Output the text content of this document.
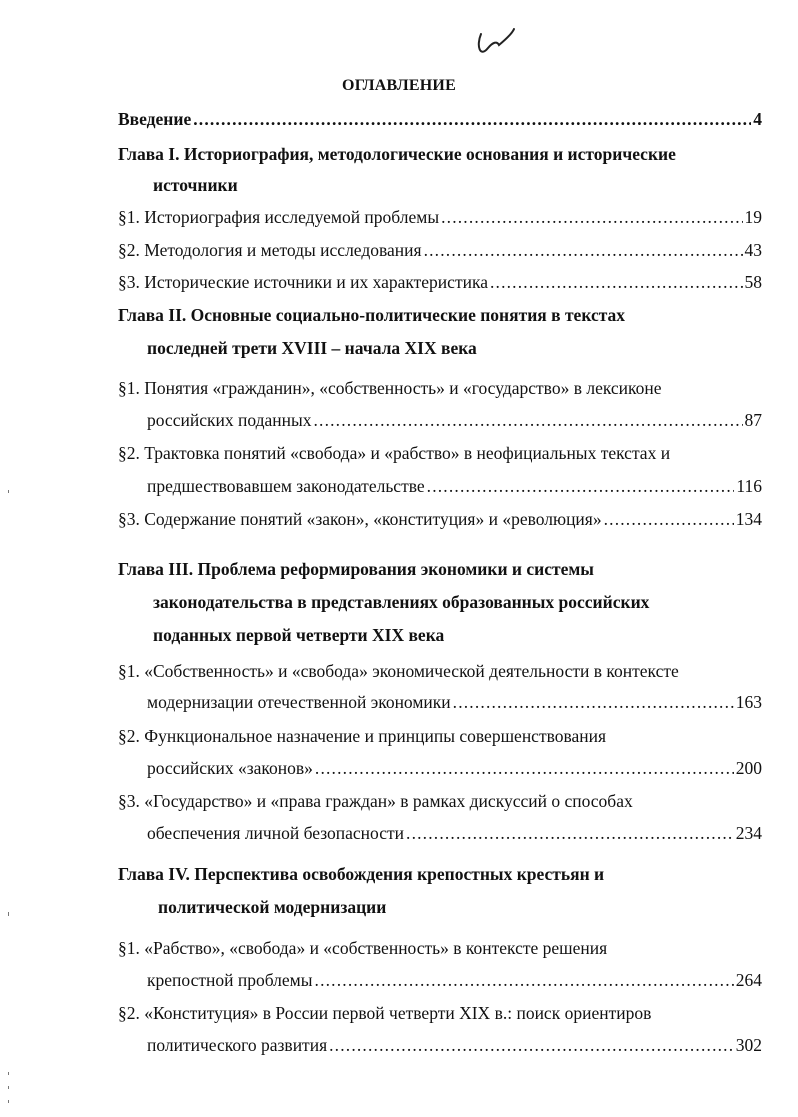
ОГЛАВЛЕНИЕ
Введение . . .	4
Глава I. Историография, методологические основания и исторические
источники
§1. Историография исследуемой проблемы . . .	19
§2. Методология и методы исследования . . .	43
§3. Исторические источники и их характеристика . . .	58
Глава II. Основные социально-политические понятия в текстах
последней трети XVIII – начала XIX века
§1. Понятия «гражданин», «собственность» и «государство» в лексиконе
российских поданных . . .	87
§2. Трактовка понятий «свобода» и «рабство» в неофициальных текстах и
предшествовавшем законодательстве . . .	116
§3. Содержание понятий «закон», «конституция» и «революция» . . .	134
Глава III. Проблема реформирования экономики и системы
законодательства в представлениях образованных российских
поданных первой четверти XIX века
§1. «Собственность» и «свобода» экономической деятельности в контексте
модернизации отечественной экономики . . .	163
§2. Функциональное назначение и принципы совершенствования
российских «законов» . . .	200
§3. «Государство» и «права граждан» в рамках дискуссий о способах
обеспечения личной безопасности . . .	234
Глава IV. Перспектива освобождения крепостных крестьян и
политической модернизации
§1. «Рабство», «свобода» и «собственность» в контексте решения
крепостной проблемы . . .	264
§2. «Конституция» в России первой четверти XIX в.: поиск ориентиров
политического развития . . .	302
